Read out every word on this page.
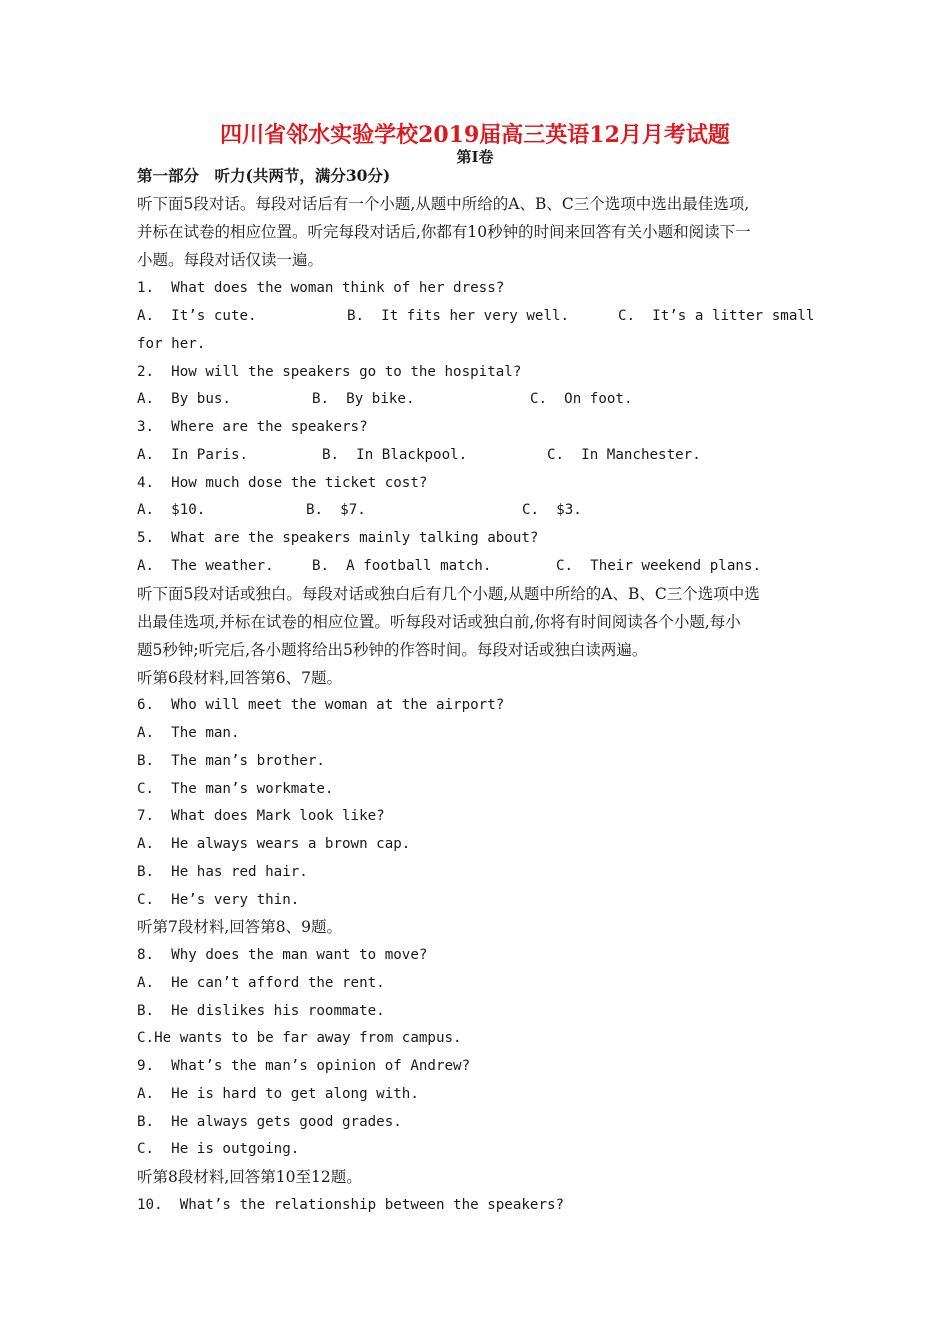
四川省邻水实验学校2019届高三英语12月月考试题
第I卷
第一部分　听力(共两节，满分30分)
听下面5段对话。每段对话后有一个小题,从题中所给的A、B、C三个选项中选出最佳选项,
并标在试卷的相应位置。听完每段对话后,你都有10秒钟的时间来回答有关小题和阅读下一
小题。每段对话仅读一遍。
1.  What does the woman think of her dress?
A.  It’s cute.	B.  It fits her very well.	C.  It’s a litter small
for her.
2.  How will the speakers go to the hospital?
A.  By bus.	B.  By bike.	C.  On foot.
3.  Where are the speakers?
A.  In Paris.	B.  In Blackpool.	C.  In Manchester.
4.  How much dose the ticket cost?
A.  $10.	B.  $7.	C.  $3.
5.  What are the speakers mainly talking about?
A.  The weather.	B.  A football match.	C.  Their weekend plans.
听下面5段对话或独白。每段对话或独白后有几个小题,从题中所给的A、B、C三个选项中选
出最佳选项,并标在试卷的相应位置。听每段对话或独白前,你将有时间阅读各个小题,每小
题5秒钟;听完后,各小题将给出5秒钟的作答时间。每段对话或独白读两遍。
听第6段材料,回答第6、7题。
6.  Who will meet the woman at the airport?
A.  The man.
B.  The man’s brother.
C.  The man’s workmate.
7.  What does Mark look like?
A.  He always wears a brown cap.
B.  He has red hair.
C.  He’s very thin.
听第7段材料,回答第8、9题。
8.  Why does the man want to move?
A.  He can’t afford the rent.
B.  He dislikes his roommate.
C.He wants to be far away from campus.
9.  What’s the man’s opinion of Andrew?
A.  He is hard to get along with.
B.  He always gets good grades.
C.  He is outgoing.
听第8段材料,回答第10至12题。
10.  What’s the relationship between the speakers?
